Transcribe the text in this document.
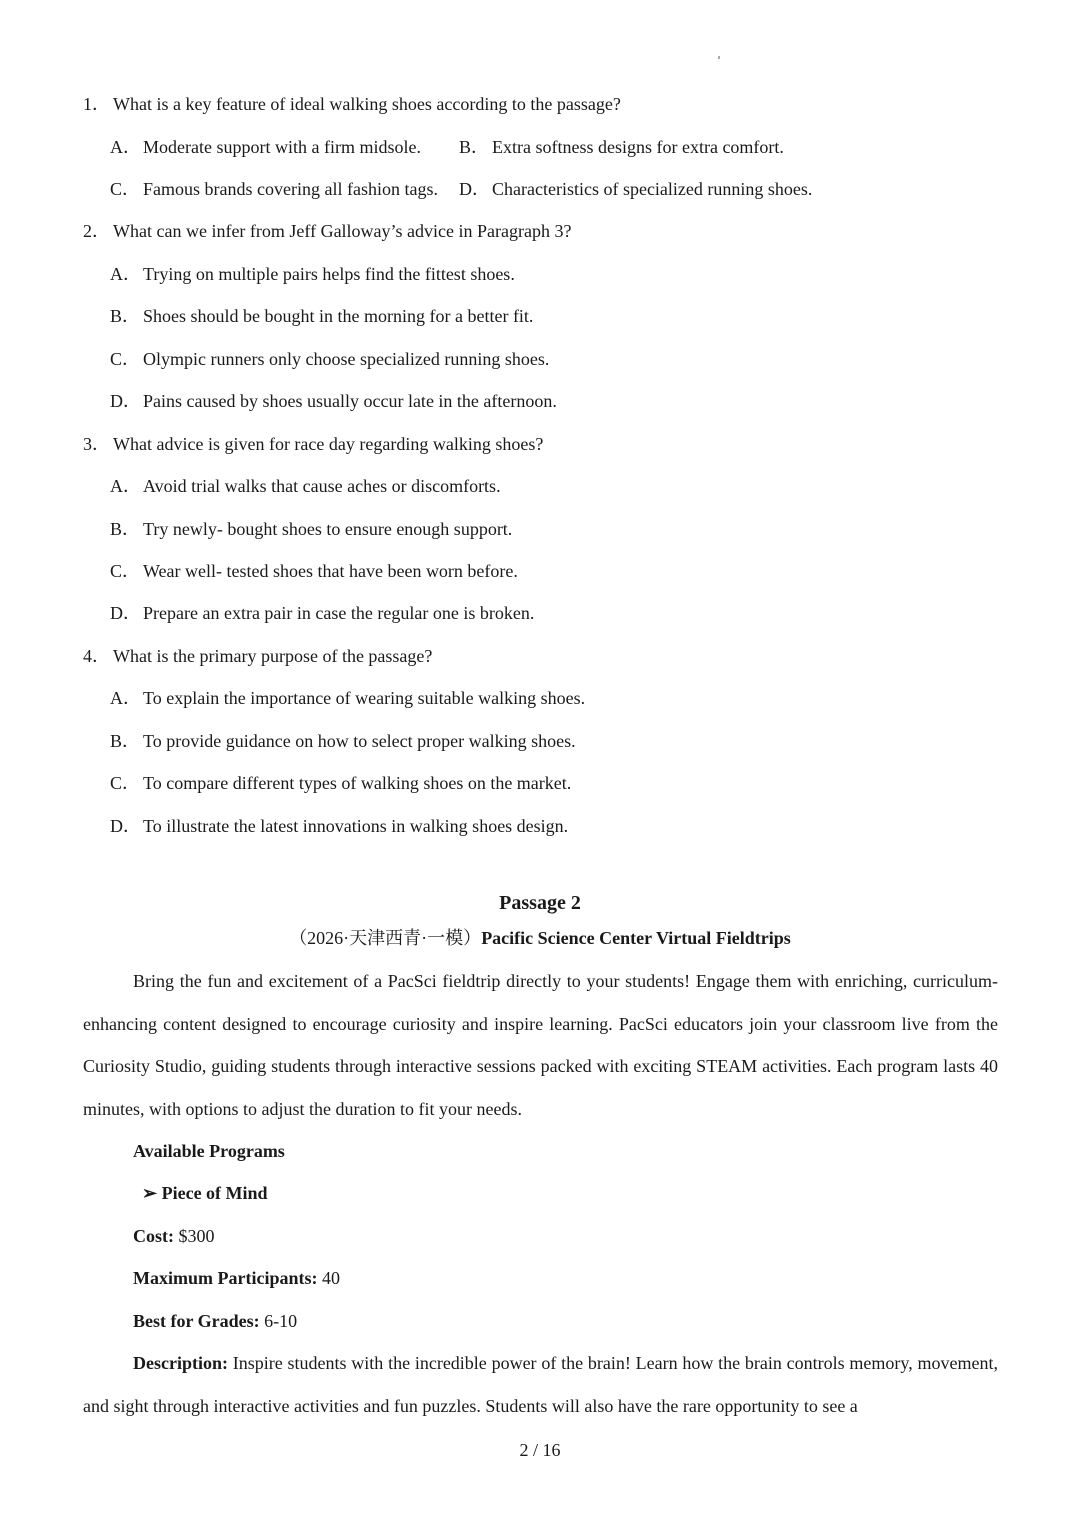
1． What is a key feature of ideal walking shoes according to the passage?
A． Moderate support with a firm midsole. B． Extra softness designs for extra comfort.
C． Famous brands covering all fashion tags. D． Characteristics of specialized running shoes.
2． What can we infer from Jeff Galloway’s advice in Paragraph 3?
A． Trying on multiple pairs helps find the fittest shoes.
B． Shoes should be bought in the morning for a better fit.
C． Olympic runners only choose specialized running shoes.
D． Pains caused by shoes usually occur late in the afternoon.
3． What advice is given for race day regarding walking shoes?
A． Avoid trial walks that cause aches or discomforts.
B． Try newly- bought shoes to ensure enough support.
C． Wear well- tested shoes that have been worn before.
D． Prepare an extra pair in case the regular one is broken.
4． What is the primary purpose of the passage?
A． To explain the importance of wearing suitable walking shoes.
B． To provide guidance on how to select proper walking shoes.
C． To compare different types of walking shoes on the market.
D． To illustrate the latest innovations in walking shoes design.
Passage 2
（2026·天津西青·一模）Pacific Science Center Virtual Fieldtrips

Bring the fun and excitement of a PacSci fieldtrip directly to your students! Engage them with enriching, curriculum-enhancing content designed to encourage curiosity and inspire learning. PacSci educators join your classroom live from the Curiosity Studio, guiding students through interactive sessions packed with exciting STEAM activities. Each program lasts 40 minutes, with options to adjust the duration to fit your needs.

Available Programs
➢ Piece of Mind
Cost: $300
Maximum Participants: 40
Best for Grades: 6-10

Description: Inspire students with the incredible power of the brain! Learn how the brain controls memory, movement, and sight through interactive activities and fun puzzles. Students will also have the rare opportunity to see a

2 / 16
